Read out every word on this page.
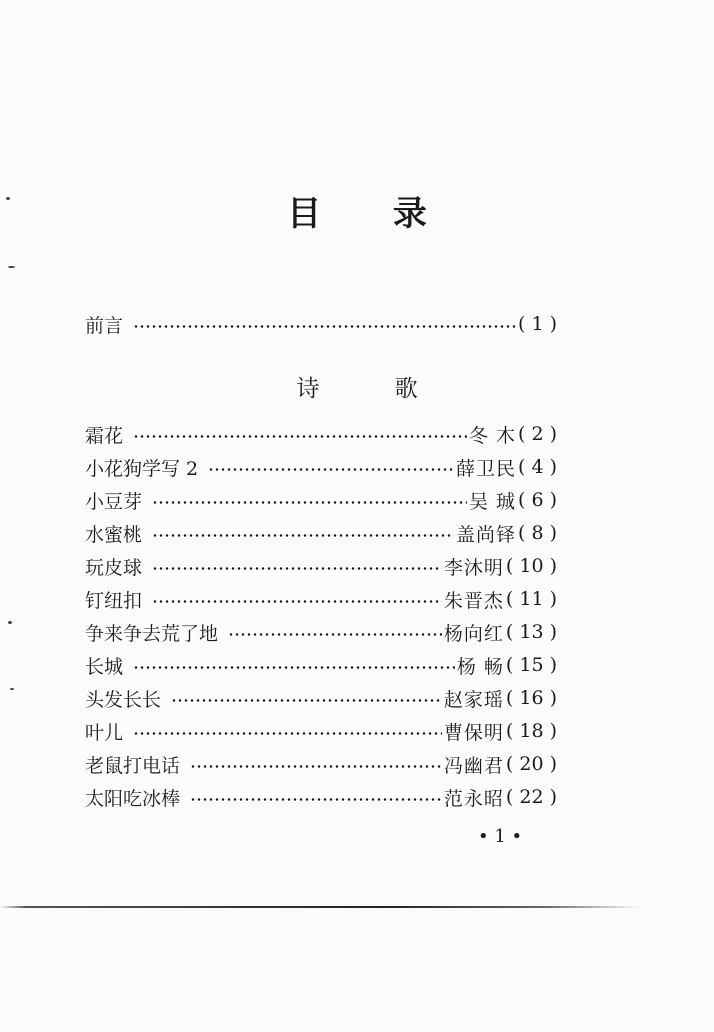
目 录
前言	( 1 )
诗 歌
霜花	冬 木 ( 2 )
小花狗学写 2	薛卫民 ( 4 )
小豆芽	吴 珹 ( 6 )
水蜜桃	盖尚铎 ( 8 )
玩皮球	李沐明 ( 10 )
钉纽扣	朱晋杰 ( 11 )
争来争去荒了地	杨向红 ( 13 )
长城	杨 畅 ( 15 )
头发长长	赵家瑶 ( 16 )
叶儿	曹保明 ( 18 )
老鼠打电话	冯幽君 ( 20 )
太阳吃冰棒	范永昭 ( 22 )
• 1 •
